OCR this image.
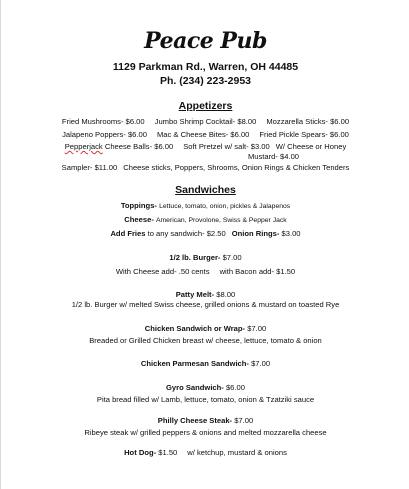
Peace Pub
1129 Parkman Rd., Warren, OH 44485
Ph. (234) 223-2953
Appetizers
Fried Mushrooms- $6.00 Jumbo Shrimp Cocktail- $8.00 Mozzarella Sticks- $6.00
Jalapeno Poppers- $6.00 Mac & Cheese Bites- $6.00 Fried Pickle Spears- $6.00
Pepperjack Cheese Balls- $6.00 Soft Pretzel w/ salt- $3.00 W/ Cheese or Honey
Mustard- $4.00
Sampler- $11.00 Cheese sticks, Poppers, Shrooms, Onion Rings & Chicken Tenders
Sandwiches
Toppings- Lettuce, tomato, onion, pickles & Jalapenos
Cheese- American, Provolone, Swiss & Pepper Jack
Add Fries to any sandwich- $2.50 Onion Rings- $3.00
1/2 lb. Burger- $7.00
With Cheese add- .50 cents with Bacon add- $1.50
Patty Melt- $8.00
1/2 lb. Burger w/ melted Swiss cheese, grilled onions & mustard on toasted Rye
Chicken Sandwich or Wrap- $7.00
Breaded or Grilled Chicken breast w/ cheese, lettuce, tomato & onion
Chicken Parmesan Sandwich- $7.00
Gyro Sandwich- $6.00
Pita bread filled w/ Lamb, lettuce, tomato, onion & Tzatziki sauce
Philly Cheese Steak- $7.00
Ribeye steak w/ grilled peppers & onions and melted mozzarella cheese
Hot Dog- $1.50 w/ ketchup, mustard & onions
